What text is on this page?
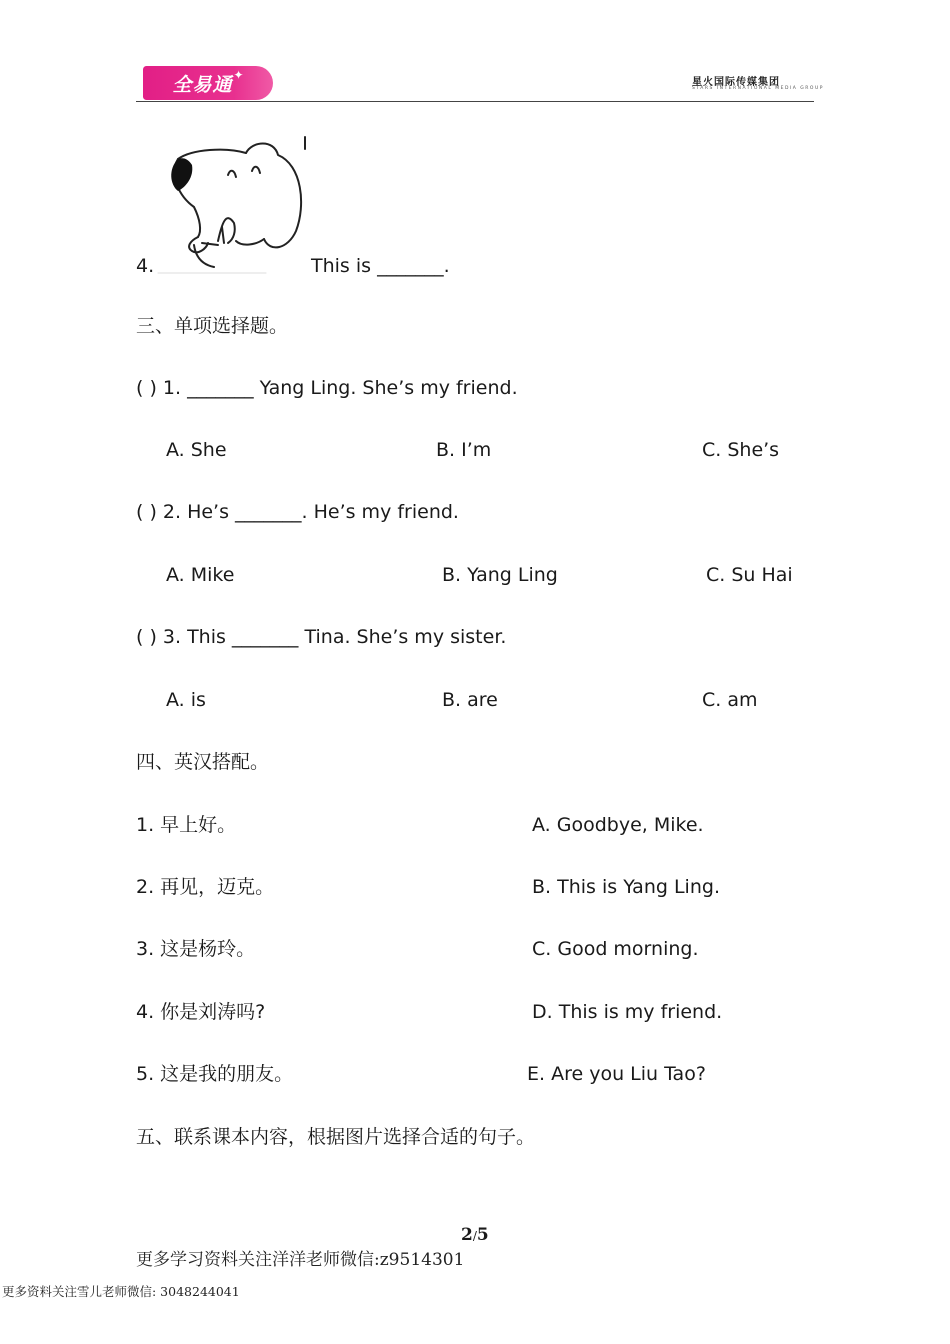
全易通 ✦
星火国际传媒集团
STARS INTERNATIONAL MEDIA GROUP
4.	This is _______.
三、单项选择题。
( ) 1. _______ Yang Ling. She’s my friend.
A. She	B. I’m	C. She’s
( ) 2. He’s _______. He’s my friend.
A. Mike	B. Yang Ling	C. Su Hai
( ) 3. This _______ Tina. She’s my sister.
A. is	B. are	C. am
四、英汉搭配。
1. 早上好。	A. Goodbye, Mike.
2. 再见，迈克。	B. This is Yang Ling.
3. 这是杨玲。	C. Good morning.
4. 你是刘涛吗?	D. This is my friend.
5. 这是我的朋友。	E. Are you Liu Tao?
五、联系课本内容，根据图片选择合适的句子。
2/5
更多学习资料关注洋洋老师微信:z9514301
更多资料关注雪儿老师微信: 3048244041
